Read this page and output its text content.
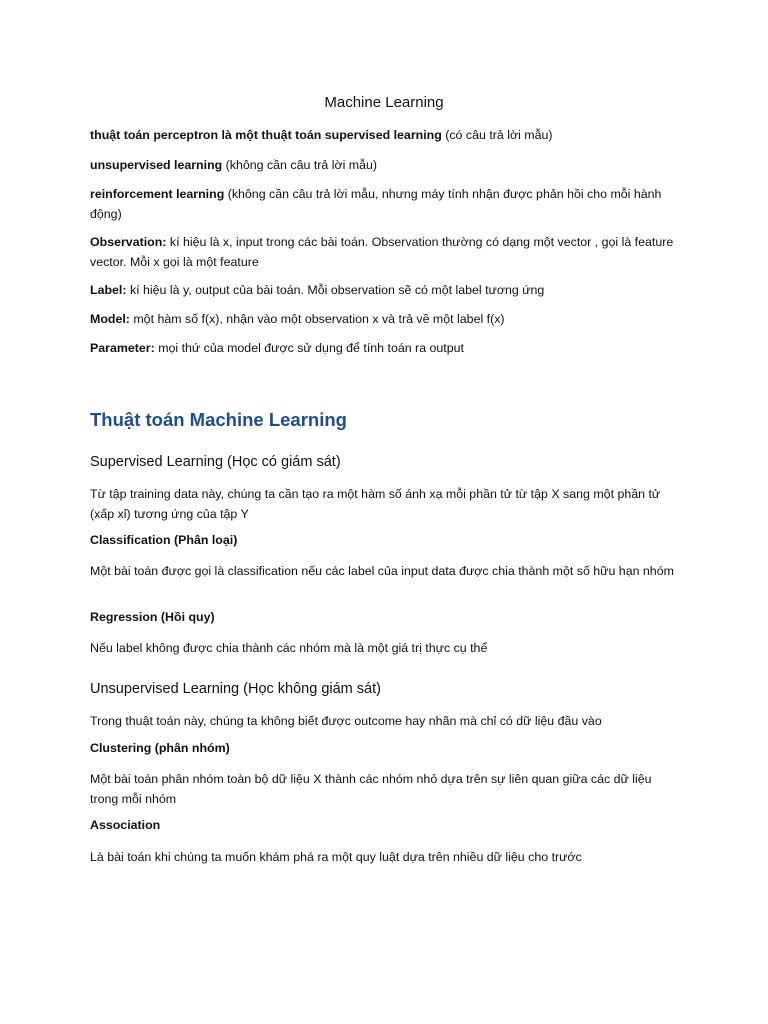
Machine Learning

thuật toán perceptron là một thuật toán supervised learning (có câu trả lời mẫu)

unsupervised learning (không cần câu trả lời mẫu)

reinforcement learning (không cần câu trả lời mẫu, nhưng máy tính nhận được phản hồi cho mỗi hành động)

Observation: kí hiệu là x, input trong các bài toán. Observation thường có dạng một vector , gọi là feature vector. Mỗi x gọi là một feature

Label: kí hiệu là y, output của bài toán. Mỗi observation sẽ có một label tương ứng

Model: một hàm số f(x), nhận vào một observation x và trả về một label f(x)

Parameter: mọi thứ của model được sử dụng để tính toán ra output

Thuật toán Machine Learning
Supervised Learning (Học có giám sát)

Từ tập training data này, chúng ta cần tạo ra một hàm số ánh xạ mỗi phần tử từ tập X sang một phần tử (xấp xỉ) tương ứng của tập Y

Classification (Phân loại)

Một bài toán được gọi là classification nếu các label của input data được chia thành một số hữu hạn nhóm

Regression (Hồi quy)

Nếu label không được chia thành các nhóm mà là một giá trị thực cụ thể

Unsupervised Learning (Học không giám sát)

Trong thuật toán này, chúng ta không biết được outcome hay nhãn mà chỉ có dữ liệu đầu vào

Clustering (phân nhóm)

Một bài toán phân nhóm toàn bộ dữ liệu X thành các nhóm nhỏ dựa trên sự liên quan giữa các dữ liệu trong mỗi nhóm

Association

Là bài toán khi chúng ta muốn khám phá ra một quy luật dựa trên nhiều dữ liệu cho trước
